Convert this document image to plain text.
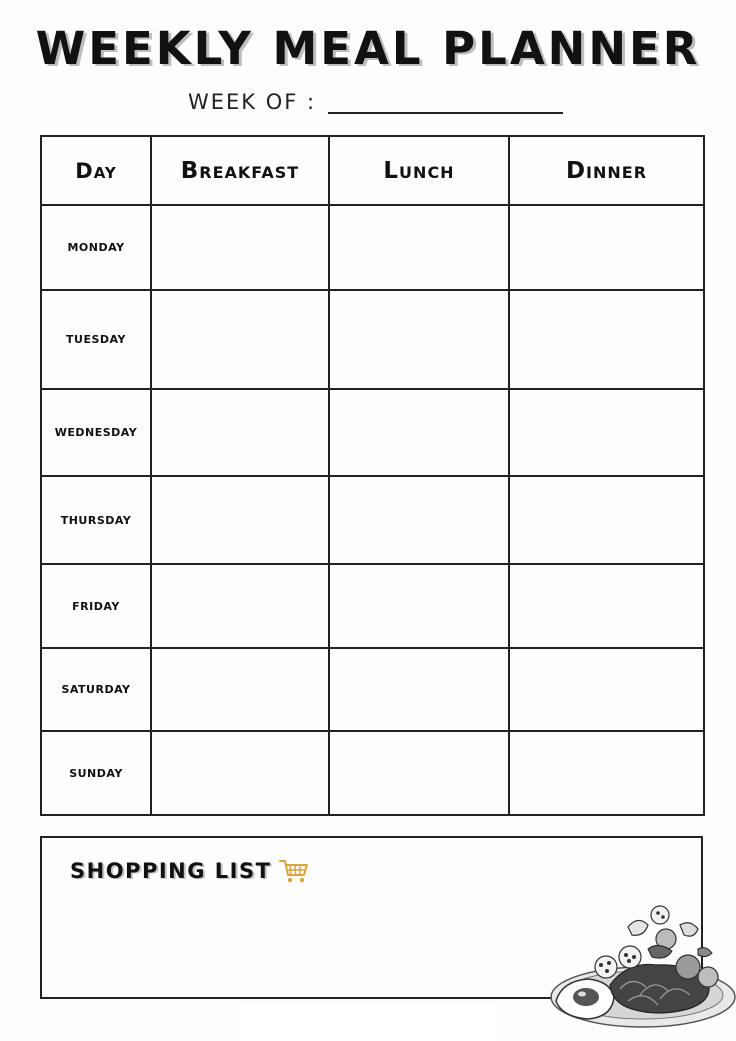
WEEKLY MEAL PLANNER
WEEK OF :
Day	Breakfast	Lunch	Dinner
MONDAY			
TUESDAY			
WEDNESDAY			
THURSDAY			
FRIDAY			
SATURDAY			
SUNDAY			
SHOPPING LIST
